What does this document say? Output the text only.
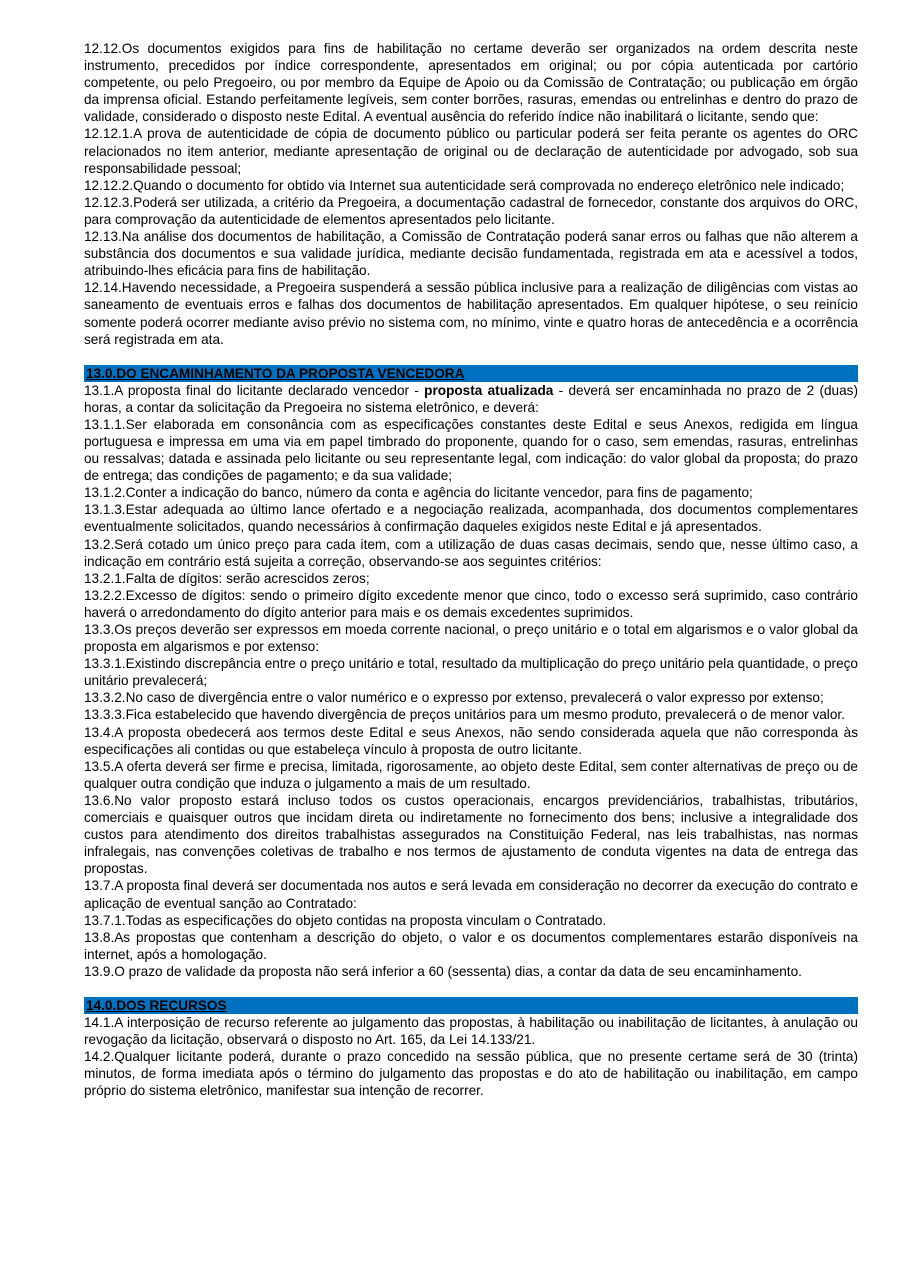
12.12.Os documentos exigidos para fins de habilitação no certame deverão ser organizados na ordem descrita neste instrumento, precedidos por índice correspondente, apresentados em original; ou por cópia autenticada por cartório competente, ou pelo Pregoeiro, ou por membro da Equipe de Apoio ou da Comissão de Contratação; ou publicação em órgão da imprensa oficial. Estando perfeitamente legíveis, sem conter borrões, rasuras, emendas ou entrelinhas e dentro do prazo de validade, considerado o disposto neste Edital. A eventual ausência do referido índice não inabilitará o licitante, sendo que:

12.12.1.A prova de autenticidade de cópia de documento público ou particular poderá ser feita perante os agentes do ORC relacionados no item anterior, mediante apresentação de original ou de declaração de autenticidade por advogado, sob sua responsabilidade pessoal;

12.12.2.Quando o documento for obtido via Internet sua autenticidade será comprovada no endereço eletrônico nele indicado;

12.12.3.Poderá ser utilizada, a critério da Pregoeira, a documentação cadastral de fornecedor, constante dos arquivos do ORC, para comprovação da autenticidade de elementos apresentados pelo licitante.

12.13.Na análise dos documentos de habilitação, a Comissão de Contratação poderá sanar erros ou falhas que não alterem a substância dos documentos e sua validade jurídica, mediante decisão fundamentada, registrada em ata e acessível a todos, atribuindo-lhes eficácia para fins de habilitação.

12.14.Havendo necessidade, a Pregoeira suspenderá a sessão pública inclusive para a realização de diligências com vistas ao saneamento de eventuais erros e falhas dos documentos de habilitação apresentados. Em qualquer hipótese, o seu reinício somente poderá ocorrer mediante aviso prévio no sistema com, no mínimo, vinte e quatro horas de antecedência e a ocorrência será registrada em ata.

13.0.DO ENCAMINHAMENTO DA PROPOSTA VENCEDORA

13.1.A proposta final do licitante declarado vencedor - proposta atualizada - deverá ser encaminhada no prazo de 2 (duas) horas, a contar da solicitação da Pregoeira no sistema eletrônico, e deverá:

13.1.1.Ser elaborada em consonância com as especificações constantes deste Edital e seus Anexos, redigida em língua portuguesa e impressa em uma via em papel timbrado do proponente, quando for o caso, sem emendas, rasuras, entrelinhas ou ressalvas; datada e assinada pelo licitante ou seu representante legal, com indicação: do valor global da proposta; do prazo de entrega; das condições de pagamento; e da sua validade;

13.1.2.Conter a indicação do banco, número da conta e agência do licitante vencedor, para fins de pagamento;

13.1.3.Estar adequada ao último lance ofertado e a negociação realizada, acompanhada, dos documentos complementares eventualmente solicitados, quando necessários à confirmação daqueles exigidos neste Edital e já apresentados.

13.2.Será cotado um único preço para cada item, com a utilização de duas casas decimais, sendo que, nesse último caso, a indicação em contrário está sujeita a correção, observando-se aos seguintes critérios:

13.2.1.Falta de dígitos: serão acrescidos zeros;

13.2.2.Excesso de dígitos: sendo o primeiro dígito excedente menor que cinco, todo o excesso será suprimido, caso contrário haverá o arredondamento do dígito anterior para mais e os demais excedentes suprimidos.

13.3.Os preços deverão ser expressos em moeda corrente nacional, o preço unitário e o total em algarismos e o valor global da proposta em algarismos e por extenso:

13.3.1.Existindo discrepância entre o preço unitário e total, resultado da multiplicação do preço unitário pela quantidade, o preço unitário prevalecerá;

13.3.2.No caso de divergência entre o valor numérico e o expresso por extenso, prevalecerá o valor expresso por extenso;

13.3.3.Fica estabelecido que havendo divergência de preços unitários para um mesmo produto, prevalecerá o de menor valor.

13.4.A proposta obedecerá aos termos deste Edital e seus Anexos, não sendo considerada aquela que não corresponda às especificações ali contidas ou que estabeleça vínculo à proposta de outro licitante.

13.5.A oferta deverá ser firme e precisa, limitada, rigorosamente, ao objeto deste Edital, sem conter alternativas de preço ou de qualquer outra condição que induza o julgamento a mais de um resultado.

13.6.No valor proposto estará incluso todos os custos operacionais, encargos previdenciários, trabalhistas, tributários, comerciais e quaisquer outros que incidam direta ou indiretamente no fornecimento dos bens; inclusive a integralidade dos custos para atendimento dos direitos trabalhistas assegurados na Constituição Federal, nas leis trabalhistas, nas normas infralegais, nas convenções coletivas de trabalho e nos termos de ajustamento de conduta vigentes na data de entrega das propostas.

13.7.A proposta final deverá ser documentada nos autos e será levada em consideração no decorrer da execução do contrato e aplicação de eventual sanção ao Contratado:

13.7.1.Todas as especificações do objeto contidas na proposta vinculam o Contratado.

13.8.As propostas que contenham a descrição do objeto, o valor e os documentos complementares estarão disponíveis na internet, após a homologação.

13.9.O prazo de validade da proposta não será inferior a 60 (sessenta) dias, a contar da data de seu encaminhamento.

14.0.DOS RECURSOS

14.1.A interposição de recurso referente ao julgamento das propostas, à habilitação ou inabilitação de licitantes, à anulação ou revogação da licitação, observará o disposto no Art. 165, da Lei 14.133/21.

14.2.Qualquer licitante poderá, durante o prazo concedido na sessão pública, que no presente certame será de 30 (trinta) minutos, de forma imediata após o término do julgamento das propostas e do ato de habilitação ou inabilitação, em campo próprio do sistema eletrônico, manifestar sua intenção de recorrer.
